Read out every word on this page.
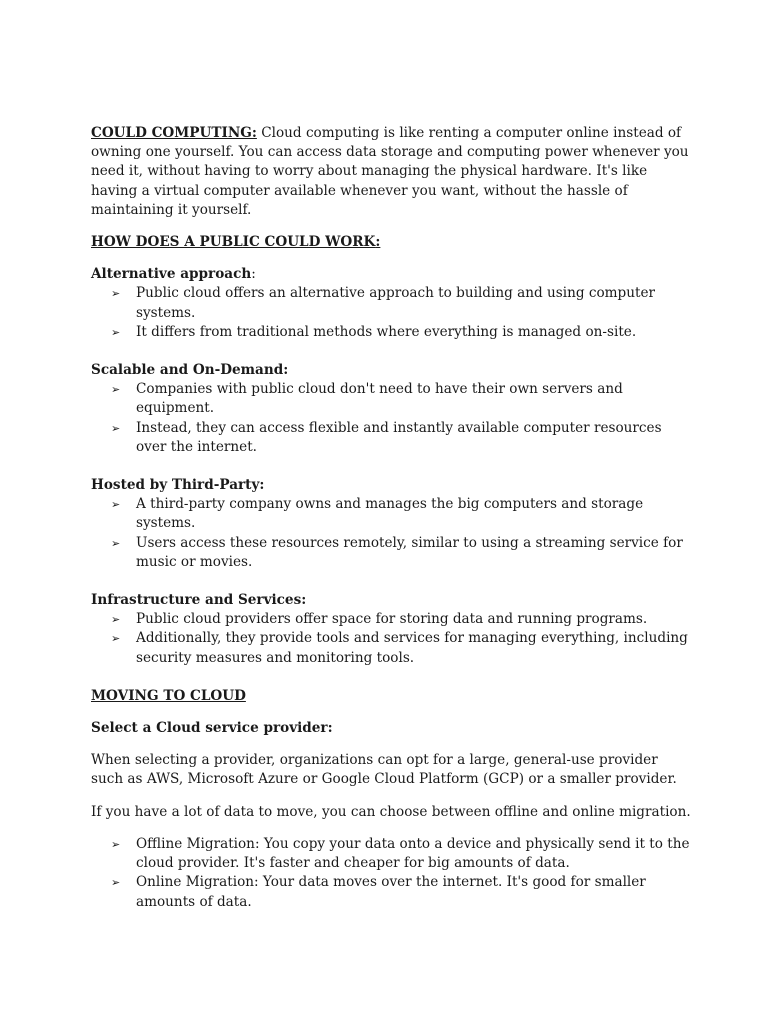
COULD COMPUTING: Cloud computing is like renting a computer online instead of owning one yourself. You can access data storage and computing power whenever you need it, without having to worry about managing the physical hardware. It's like having a virtual computer available whenever you want, without the hassle of maintaining it yourself.

HOW DOES A PUBLIC COULD WORK:

Alternative approach:

➢ Public cloud offers an alternative approach to building and using computer systems.
➢ It differs from traditional methods where everything is managed on-site.

Scalable and On-Demand:

➢ Companies with public cloud don't need to have their own servers and equipment.
➢ Instead, they can access flexible and instantly available computer resources over the internet.

Hosted by Third-Party:

➢ A third-party company owns and manages the big computers and storage systems.
➢ Users access these resources remotely, similar to using a streaming service for music or movies.

Infrastructure and Services:

➢ Public cloud providers offer space for storing data and running programs.
➢ Additionally, they provide tools and services for managing everything, including security measures and monitoring tools.

MOVING TO CLOUD

Select a Cloud service provider:

When selecting a provider, organizations can opt for a large, general-use provider such as AWS, Microsoft Azure or Google Cloud Platform (GCP) or a smaller provider.

If you have a lot of data to move, you can choose between offline and online migration.

➢ Offline Migration: You copy your data onto a device and physically send it to the cloud provider. It's faster and cheaper for big amounts of data.
➢ Online Migration: Your data moves over the internet. It's good for smaller amounts of data.
